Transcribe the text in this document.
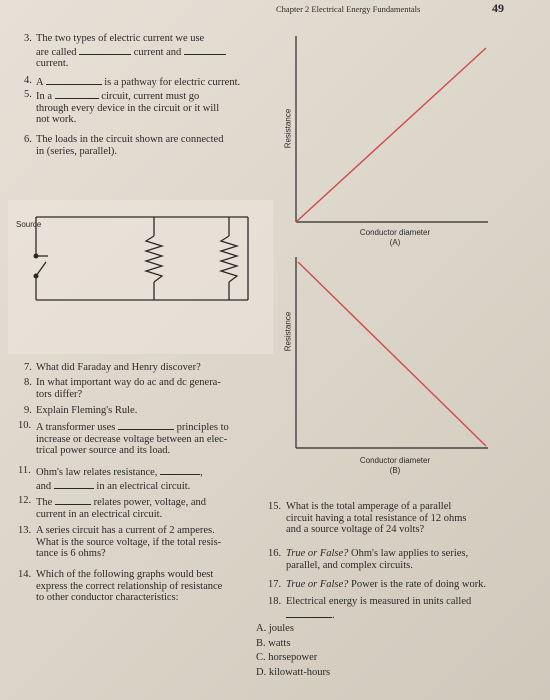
Chapter 2 Electrical Energy Fundamentals	49
3. The two types of electric current we use
are called	current and
current.
4. A	is a pathway for electric current.
5. In a	circuit, current must go
through every device in the circuit or it will
not work.
6. The loads in the circuit shown are connected
in (series, parallel).
Source
7. What did Faraday and Henry discover?
8. In what important way do ac and dc genera-
tors differ?
9. Explain Fleming's Rule.
10. A transformer uses	principles to
increase or decrease voltage between an elec-
trical power source and its load.
11. Ohm's law relates resistance,	,
and	in an electrical circuit.
12. The	relates power, voltage, and
current in an electrical circuit.
13. A series circuit has a current of 2 amperes.
What is the source voltage, if the total resis-
tance is 6 ohms?
14. Which of the following graphs would best
express the correct relationship of resistance
to other conductor characteristics:
Resistance
Conductor diameter
(A)
Resistance
Conductor diameter
(B)
15. What is the total amperage of a parallel
circuit having a total resistance of 12 ohms
and a source voltage of 24 volts?
16. True or False? Ohm's law applies to series,
parallel, and complex circuits.
17. True or False? Power is the rate of doing work.
18. Electrical energy is measured in units called
.
A. joules
B. watts
C. horsepower
D. kilowatt-hours
